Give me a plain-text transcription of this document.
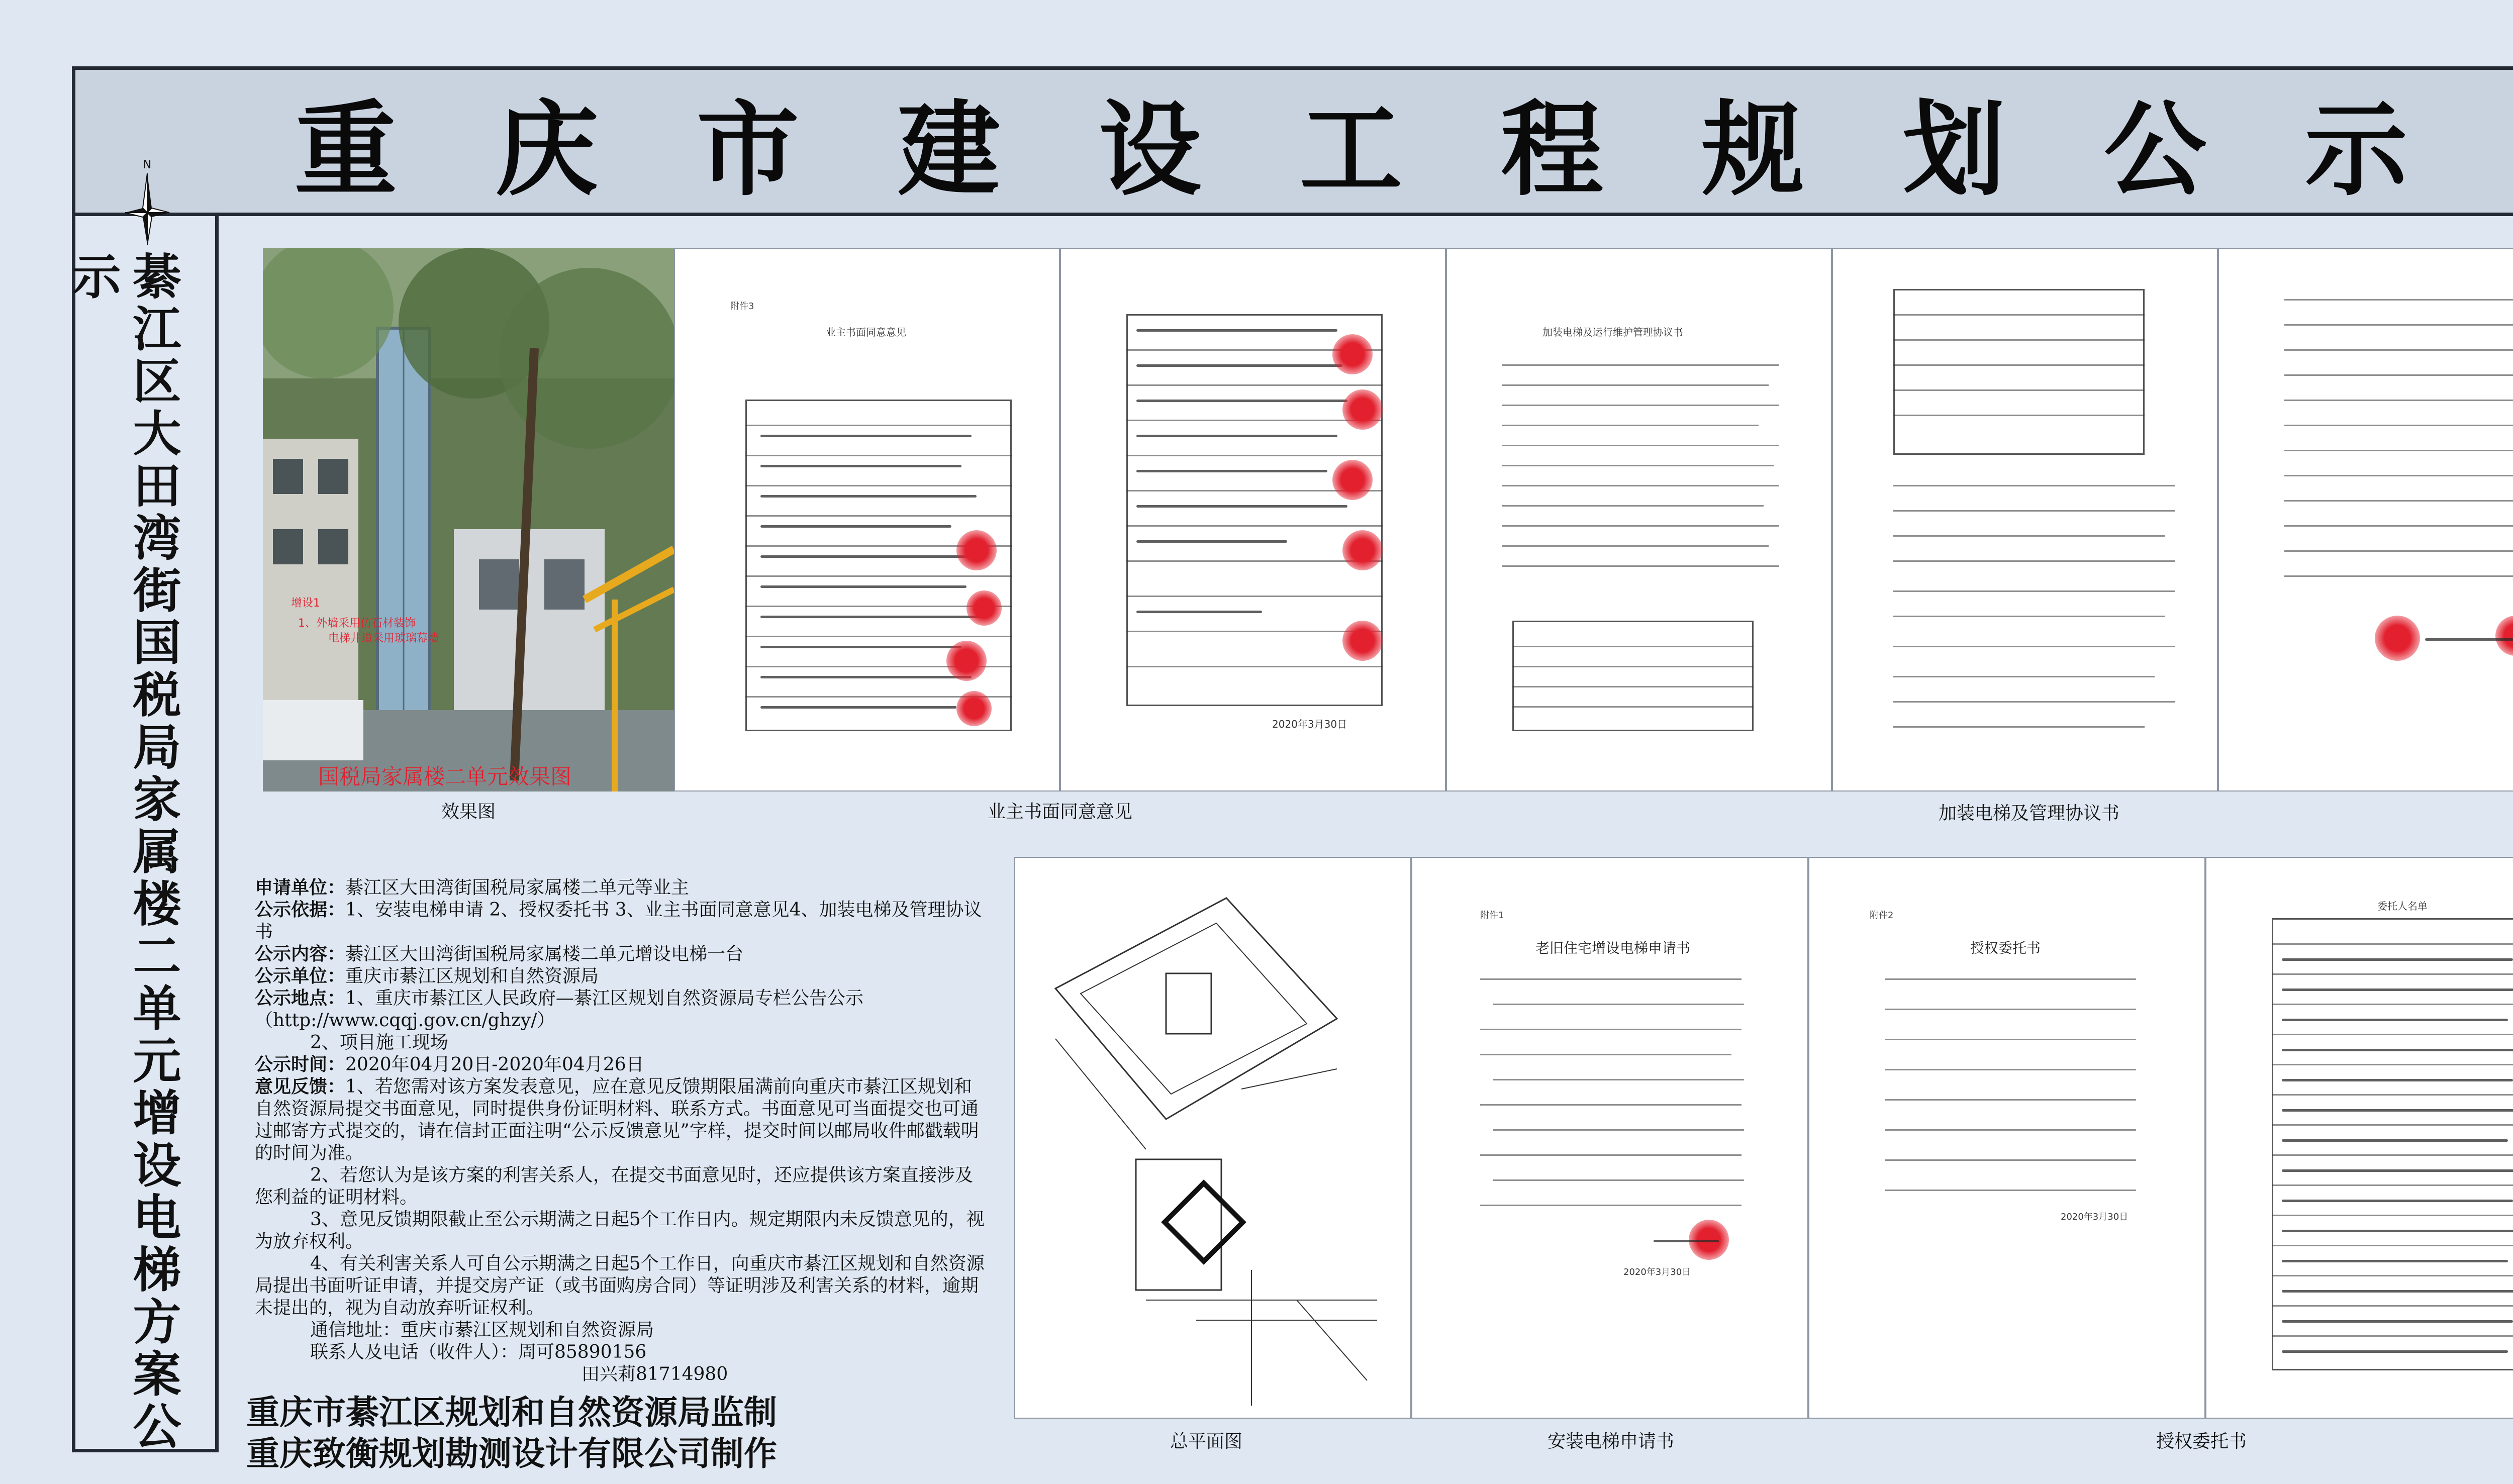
重庆市建设工程规划公示
N
綦江区大田湾街国税局家属楼二单元增设电梯方案公示
增设1
1、外墙采用仿石材装饰
电梯井道采用玻璃幕墙
国税局家属楼二单元效果图
附件3
业主书面同意意见
2020年3月30日
加装电梯及运行维护管理协议书
效果图	业主书面同意意见	加装电梯及管理协议书
附件1
老旧住宅增设电梯申请书
2020年3月30日
附件2
授权委托书
2020年3月30日
委托人名单
总平面图	安装电梯申请书	授权委托书

申请单位：綦江区大田湾街国税局家属楼二单元等业主

公示依据：1、安装电梯申请 2、授权委托书 3、业主书面同意意见4、加装电梯及管理协议书

公示内容：綦江区大田湾街国税局家属楼二单元增设电梯一台

公示单位：重庆市綦江区规划和自然资源局

公示地点：1、重庆市綦江区人民政府—綦江区规划自然资源局专栏公告公示（http://www.cqqj.gov.cn/ghzy/）

2、项目施工现场

公示时间：2020年04月20日-2020年04月26日

意见反馈：1、若您需对该方案发表意见，应在意见反馈期限届满前向重庆市綦江区规划和自然资源局提交书面意见，同时提供身份证明材料、联系方式。书面意见可当面提交也可通过邮寄方式提交的，请在信封正面注明“公示反馈意见”字样，提交时间以邮局收件邮戳载明的时间为准。

2、若您认为是该方案的利害关系人，在提交书面意见时，还应提供该方案直接涉及您利益的证明材料。

3、意见反馈期限截止至公示期满之日起5个工作日内。规定期限内未反馈意见的，视为放弃权利。

4、有关利害关系人可自公示期满之日起5个工作日，向重庆市綦江区规划和自然资源局提出书面听证申请，并提交房产证（或书面购房合同）等证明涉及利害关系的材料，逾期未提出的，视为自动放弃听证权利。

通信地址：重庆市綦江区规划和自然资源局

联系人及电话（收件人）：周可85890156

田兴莉81714980

重庆市綦江区规划和自然资源局监制
重庆致衡规划勘测设计有限公司制作
